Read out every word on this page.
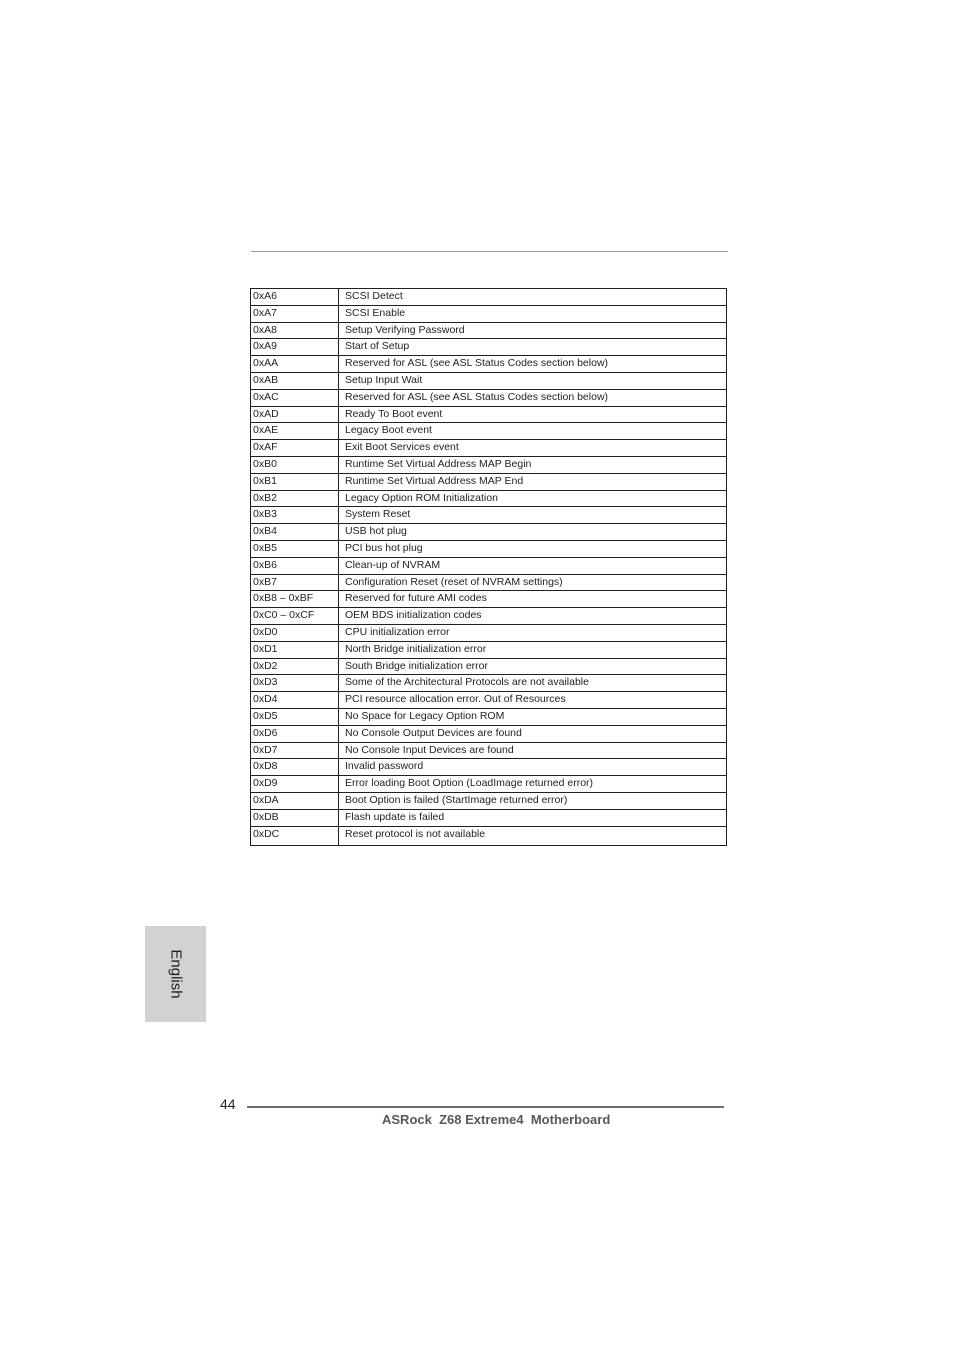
0xA6	SCSI Detect
0xA7	SCSI Enable
0xA8	Setup Verifying Password
0xA9	Start of Setup
0xAA	Reserved for ASL (see ASL Status Codes section below)
0xAB	Setup Input Wait
0xAC	Reserved for ASL (see ASL Status Codes section below)
0xAD	Ready To Boot event
0xAE	Legacy Boot event
0xAF	Exit Boot Services event
0xB0	Runtime Set Virtual Address MAP Begin
0xB1	Runtime Set Virtual Address MAP End
0xB2	Legacy Option ROM Initialization
0xB3	System Reset
0xB4	USB hot plug
0xB5	PCI bus hot plug
0xB6	Clean-up of NVRAM
0xB7	Configuration Reset (reset of NVRAM settings)
0xB8 – 0xBF	Reserved for future AMI codes
0xC0 – 0xCF	OEM BDS initialization codes
0xD0	CPU initialization error
0xD1	North Bridge initialization error
0xD2	South Bridge initialization error
0xD3	Some of the Architectural Protocols are not available
0xD4	PCI resource allocation error. Out of Resources
0xD5	No Space for Legacy Option ROM
0xD6	No Console Output Devices are found
0xD7	No Console Input Devices are found
0xD8	Invalid password
0xD9	Error loading Boot Option (LoadImage returned error)
0xDA	Boot Option is failed (StartImage returned error)
0xDB	Flash update is failed
0xDC	Reset protocol is not available
English
44
ASRock  Z68 Extreme4  Motherboard
